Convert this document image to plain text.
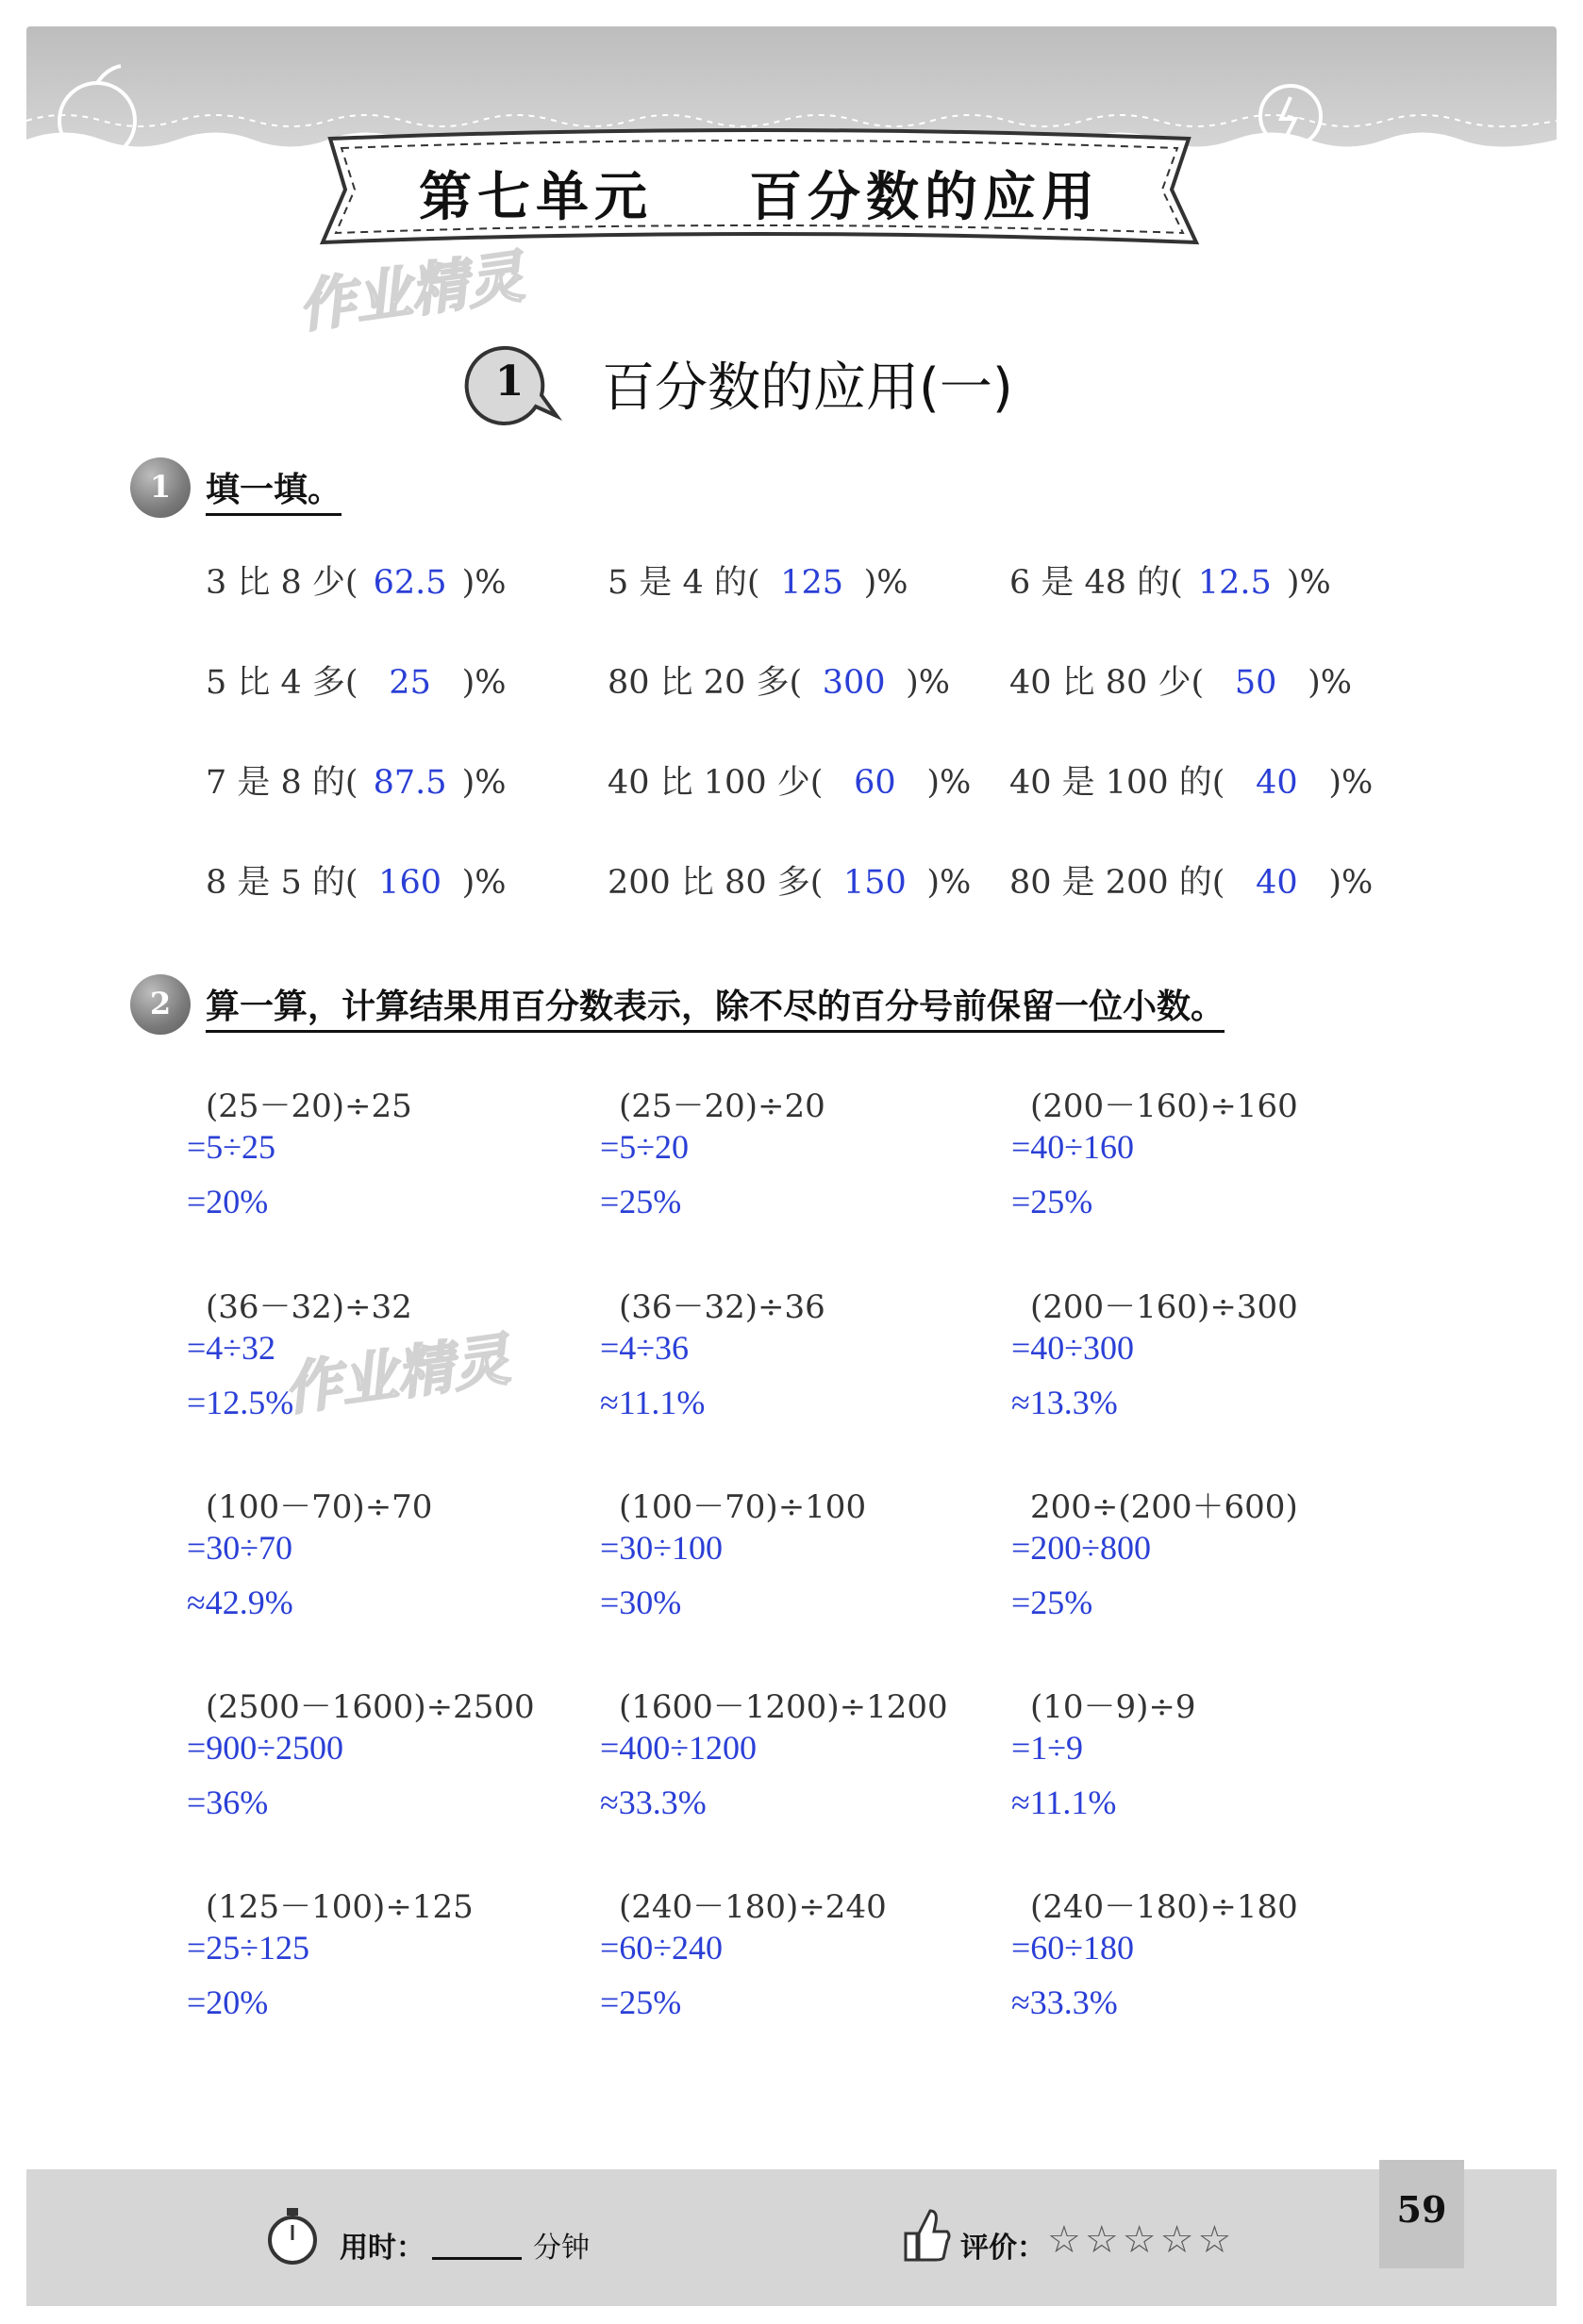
第七单元    百分数的应用
作业精灵
1 百分数的应用(一)
1	填一填。
3 比 8 少( 62.5 )%	5 是 4 的( 125 )%	6 是 48 的( 12.5 )%
5 比 4 多( 25 )%	80 比 20 多( 300 )% 40 比 80 少( 50 )%
7 是 8 的( 87.5 )%	40 比 100 少( 60 )% 40 是 100 的( 40 )%
8 是 5 的( 160 )%	200 比 80 多( 150 )% 80 是 200 的( 40 )%
2	算一算，计算结果用百分数表示，除不尽的百分号前保留一位小数。
(25－20)÷25
=5÷25
=20%
(25－20)÷20
=5÷20
=25%
(200－160)÷160
=40÷160
=25%
(36－32)÷32
=4÷32
=12.5%
(36－32)÷36
=4÷36
≈11.1%
(200－160)÷300
=40÷300
≈13.3%
(100－70)÷70
=30÷70
≈42.9%
(100－70)÷100
=30÷100
=30%
200÷(200＋600)
=200÷800
=25%
(2500－1600)÷2500
=900÷2500
=36%
(1600－1200)÷1200
=400÷1200
≈33.3%
(10－9)÷9
=1÷9
≈11.1%
(125－100)÷125
=25÷125
=20%
(240－180)÷240
=60÷240
=25%
(240－180)÷180
=60÷180
≈33.3%
作业精灵
用时：	分钟	评价： ☆☆☆☆☆
59
